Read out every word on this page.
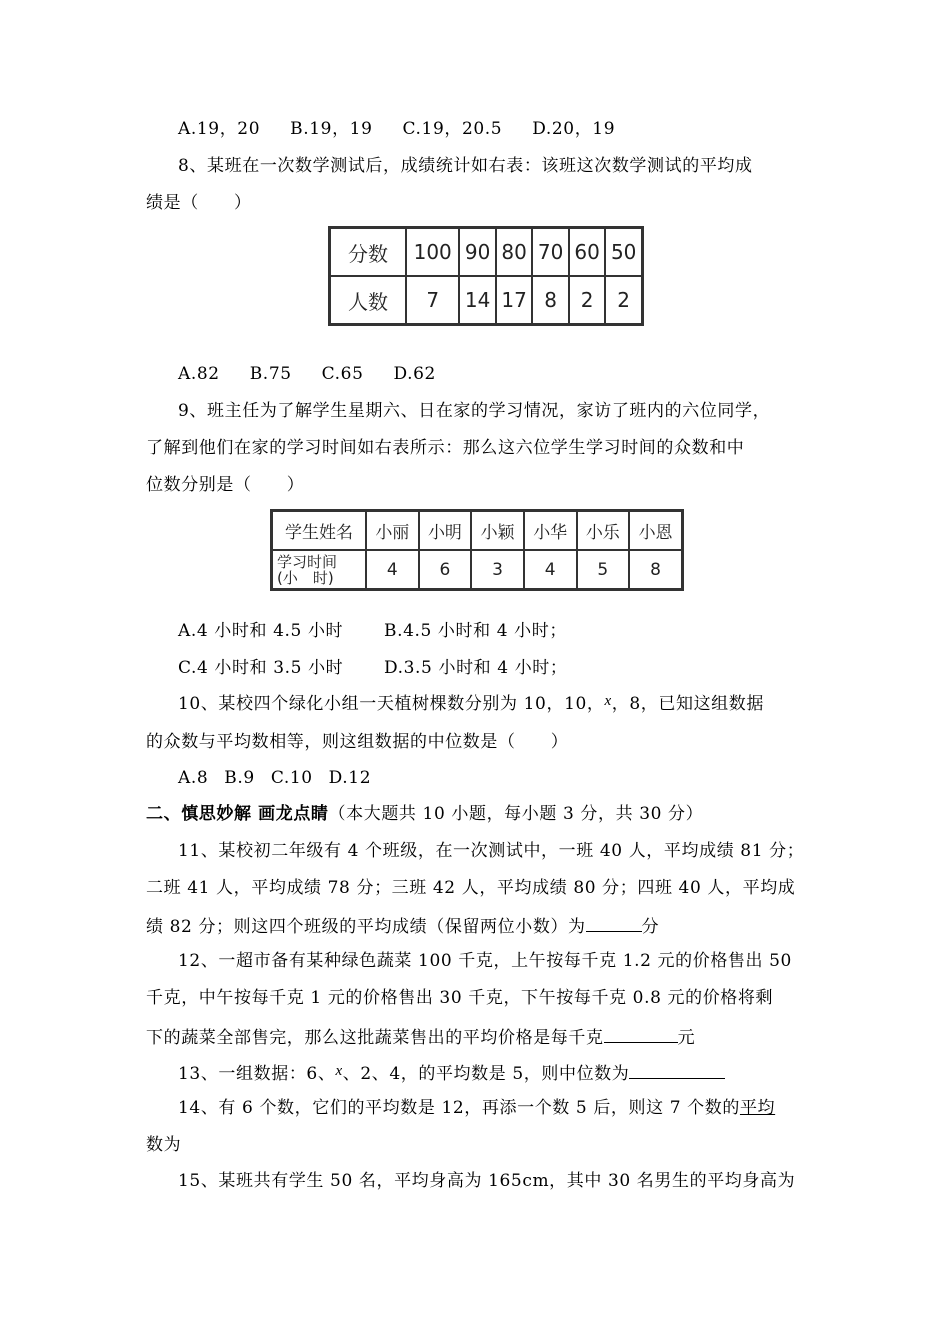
A.19，20 B.19，19 C.19，20.5 D.20，19
8、某班在一次数学测试后，成绩统计如右表：该班这次数学测试的平均成
绩是（　　）
分数	100	90	80	70	60	50
人数	7	14	17	8	2	2
A.82 B.75 C.65 D.62
9、班主任为了解学生星期六、日在家的学习情况，家访了班内的六位同学，
了解到他们在家的学习时间如右表所示：那么这六位学生学习时间的众数和中
位数分别是（　　）
学生姓名	小丽	小明	小颖	小华	小乐	小恩

学习时间
(小　时)	4	6	3	4	5	8
A.4 小时和 4.5 小时 B.4.5 小时和 4 小时；
C.4 小时和 3.5 小时 D.3.5 小时和 4 小时；
10、某校四个绿化小组一天植树棵数分别为 10，10，x，8，已知这组数据
的众数与平均数相等，则这组数据的中位数是（　　）
A.8 B.9 C.10 D.12
二、慎思妙解 画龙点睛（本大题共 10 小题，每小题 3 分，共 30 分）
11、某校初二年级有 4 个班级，在一次测试中，一班 40 人，平均成绩 81 分；
二班 41 人，平均成绩 78 分；三班 42 人，平均成绩 80 分；四班 40 人，平均成
绩 82 分；则这四个班级的平均成绩（保留两位小数）为	分
12、一超市备有某种绿色蔬菜 100 千克，上午按每千克 1.2 元的价格售出 50
千克，中午按每千克 1 元的价格售出 30 千克，下午按每千克 0.8 元的价格将剩
下的蔬菜全部售完，那么这批蔬菜售出的平均价格是每千克	元
13、一组数据：6、x、2、4，的平均数是 5，则中位数为
14、有 6 个数，它们的平均数是 12，再添一个数 5 后，则这 7 个数的平均
数为
15、某班共有学生 50 名，平均身高为 165cm，其中 30 名男生的平均身高为
